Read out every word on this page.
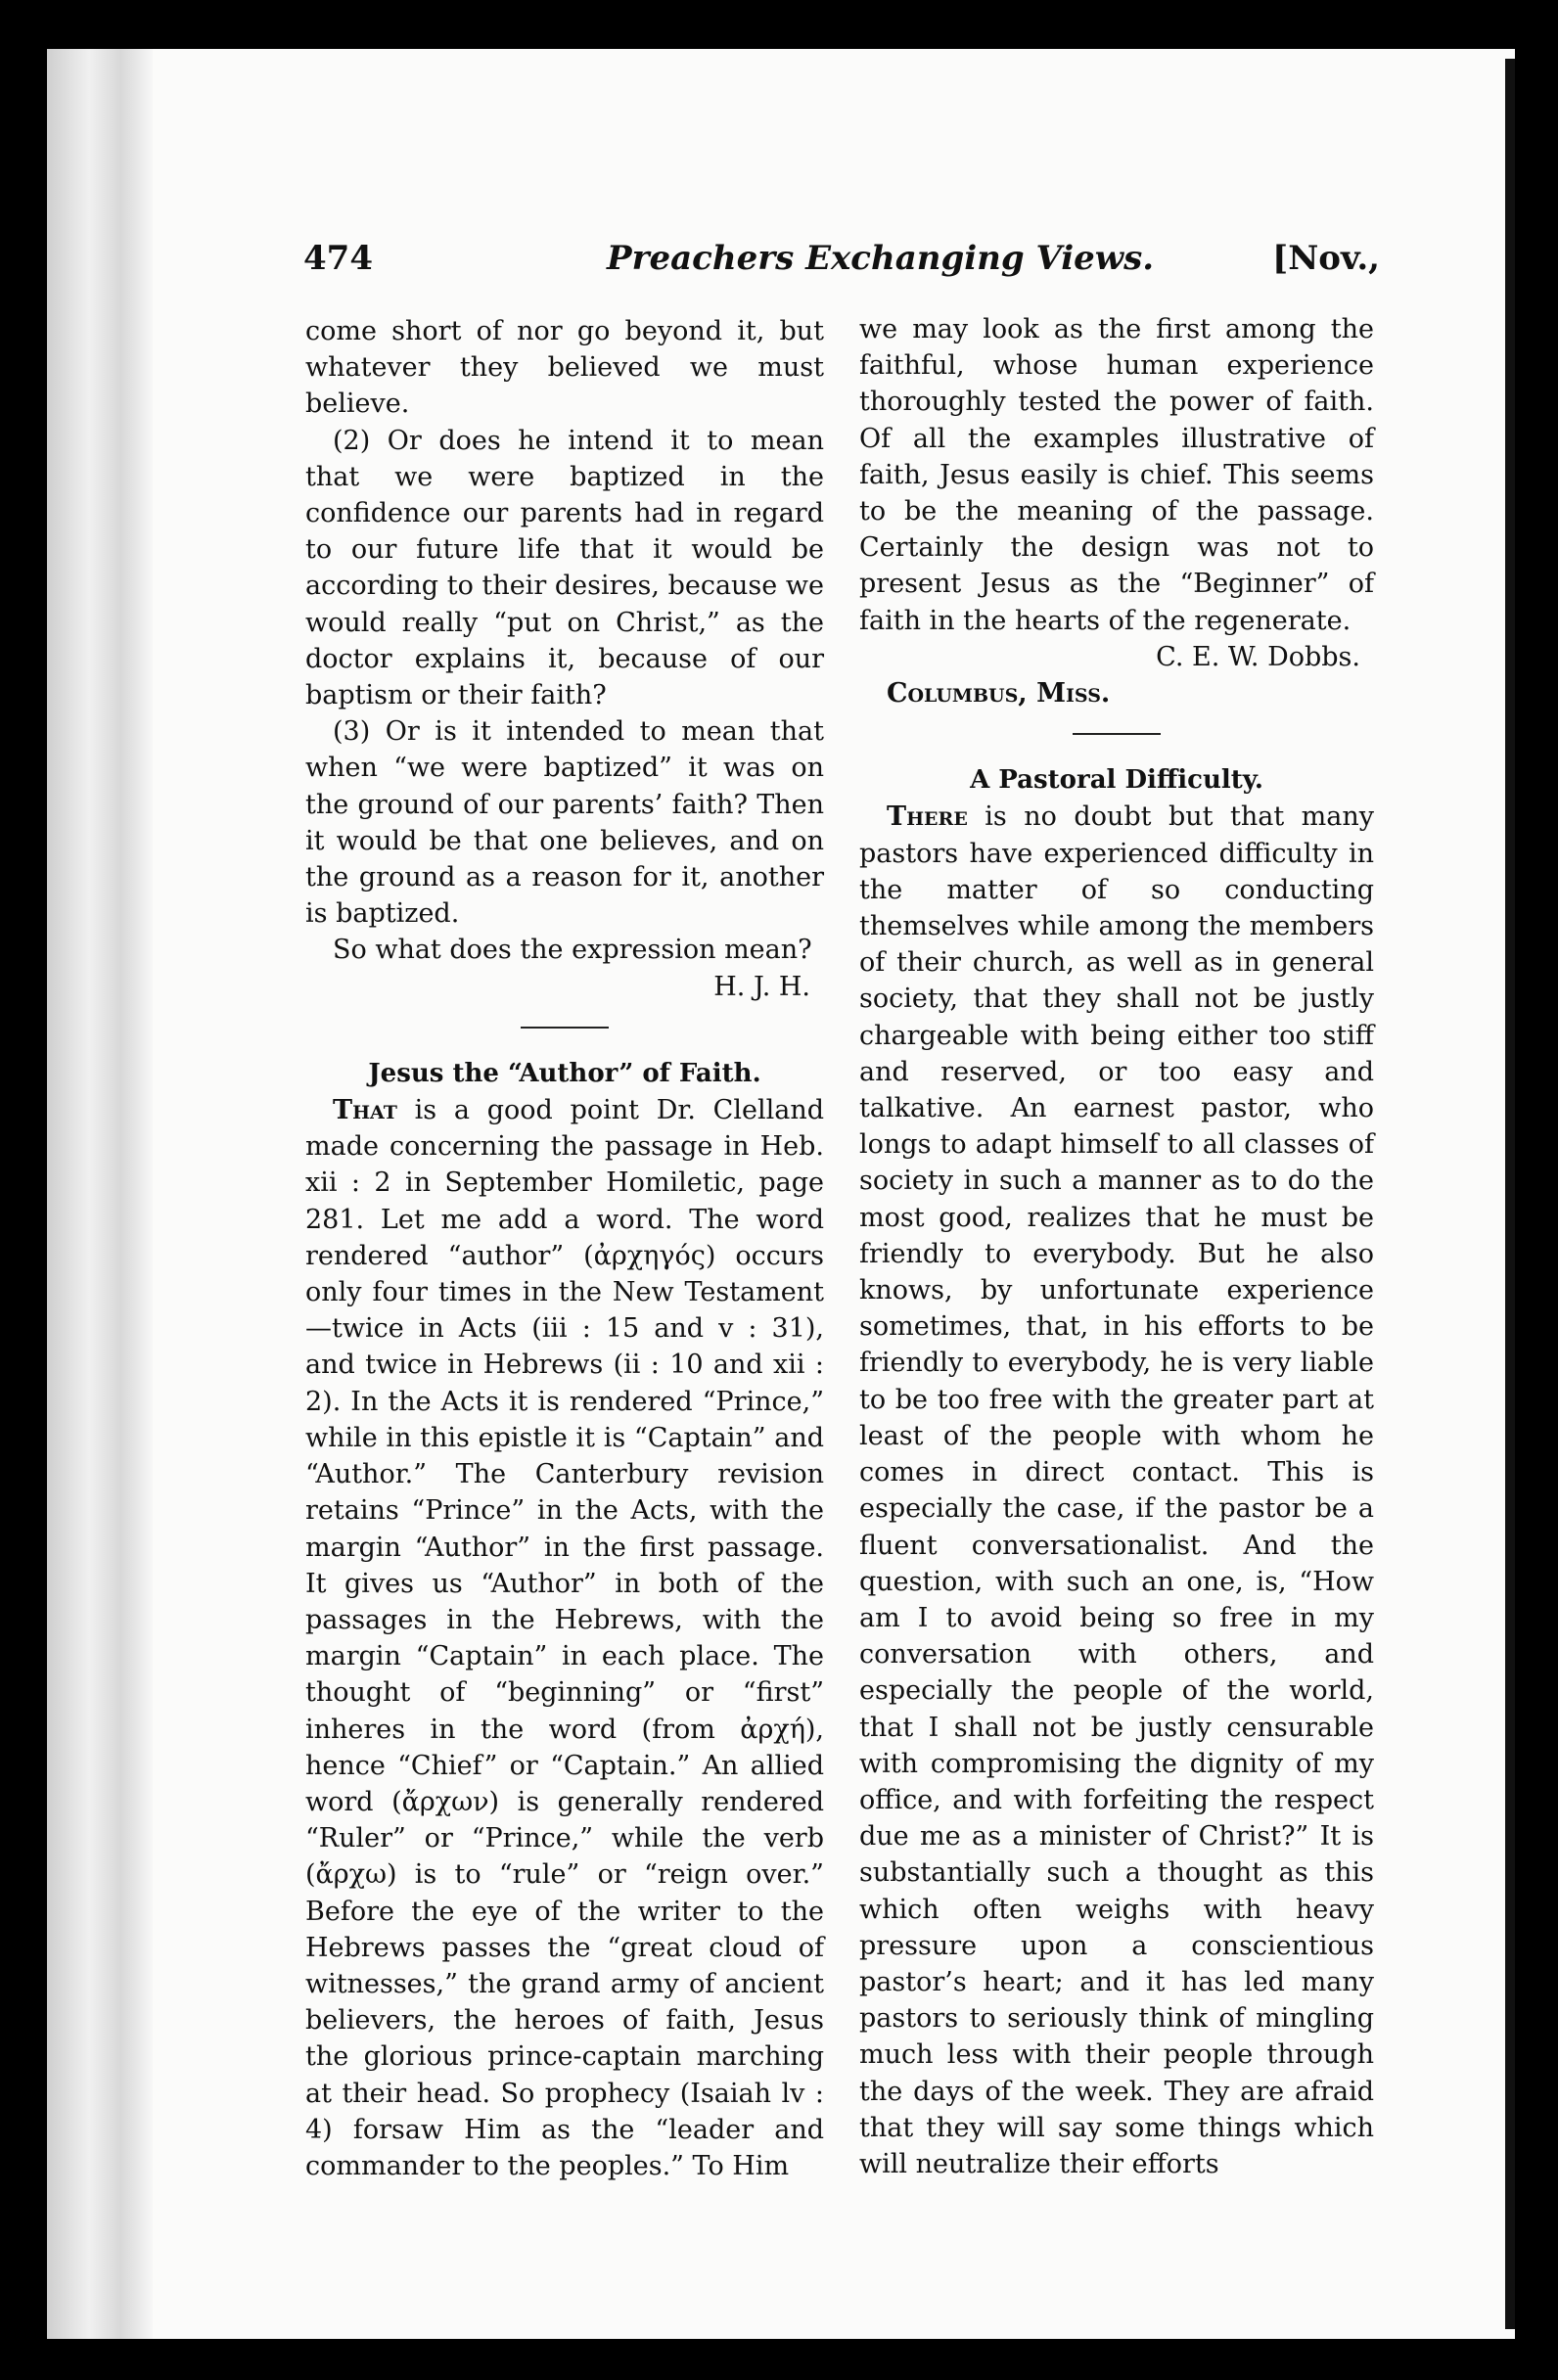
474	Preachers Exchanging Views.	[Nov.,

come short of nor go beyond it, but whatever they believed we must believe.

(2) Or does he intend it to mean that we were baptized in the confidence our parents had in regard to our future life that it would be according to their desires, because we would really “put on Christ,” as the doctor explains it, because of our baptism or their faith?

(3) Or is it intended to mean that when “we were baptized” it was on the ground of our parents’ faith? Then it would be that one believes, and on the ground as a reason for it, another is baptized.

So what does the expression mean?

H. J. H.

Jesus the “Author” of Faith.

That is a good point Dr. Clelland made concerning the passage in Heb. xii : 2 in September Homiletic, page 281. Let me add a word. The word rendered “author” (ἀρχηγός) occurs only four times in the New Testament—twice in Acts (iii : 15 and v : 31), and twice in Hebrews (ii : 10 and xii : 2). In the Acts it is rendered “Prince,” while in this epistle it is “Captain” and “Author.” The Canterbury revision retains “Prince” in the Acts, with the margin “Author” in the first passage. It gives us “Author” in both of the passages in the Hebrews, with the margin “Captain” in each place. The thought of “beginning” or “first” inheres in the word (from ἀρχή), hence “Chief” or “Captain.” An allied word (ἄρχων) is generally rendered “Ruler” or “Prince,” while the verb (ἄρχω) is to “rule” or “reign over.” Before the eye of the writer to the Hebrews passes the “great cloud of witnesses,” the grand army of ancient believers, the heroes of faith, Jesus the glorious prince-captain marching at their head. So prophecy (Isaiah lv : 4) forsaw Him as the “leader and commander to the peoples.” To Him

we may look as the first among the faithful, whose human experience thoroughly tested the power of faith. Of all the examples illustrative of faith, Jesus easily is chief. This seems to be the meaning of the passage. Certainly the design was not to present Jesus as the “Beginner” of faith in the hearts of the regenerate.

C. E. W. Dobbs.

Columbus, Miss.

A Pastoral Difficulty.

There is no doubt but that many pastors have experienced difficulty in the matter of so conducting themselves while among the members of their church, as well as in general society, that they shall not be justly chargeable with being either too stiff and reserved, or too easy and talkative. An earnest pastor, who longs to adapt himself to all classes of society in such a manner as to do the most good, realizes that he must be friendly to everybody. But he also knows, by unfortunate experience sometimes, that, in his efforts to be friendly to everybody, he is very liable to be too free with the greater part at least of the people with whom he comes in direct contact. This is especially the case, if the pastor be a fluent conversationalist. And the question, with such an one, is, “How am I to avoid being so free in my conversation with others, and especially the people of the world, that I shall not be justly censurable with compromising the dignity of my office, and with forfeiting the respect due me as a minister of Christ?” It is substantially such a thought as this which often weighs with heavy pressure upon a conscientious pastor’s heart; and it has led many pastors to seriously think of mingling much less with their people through the days of the week. They are afraid that they will say some things which will neutralize their efforts
